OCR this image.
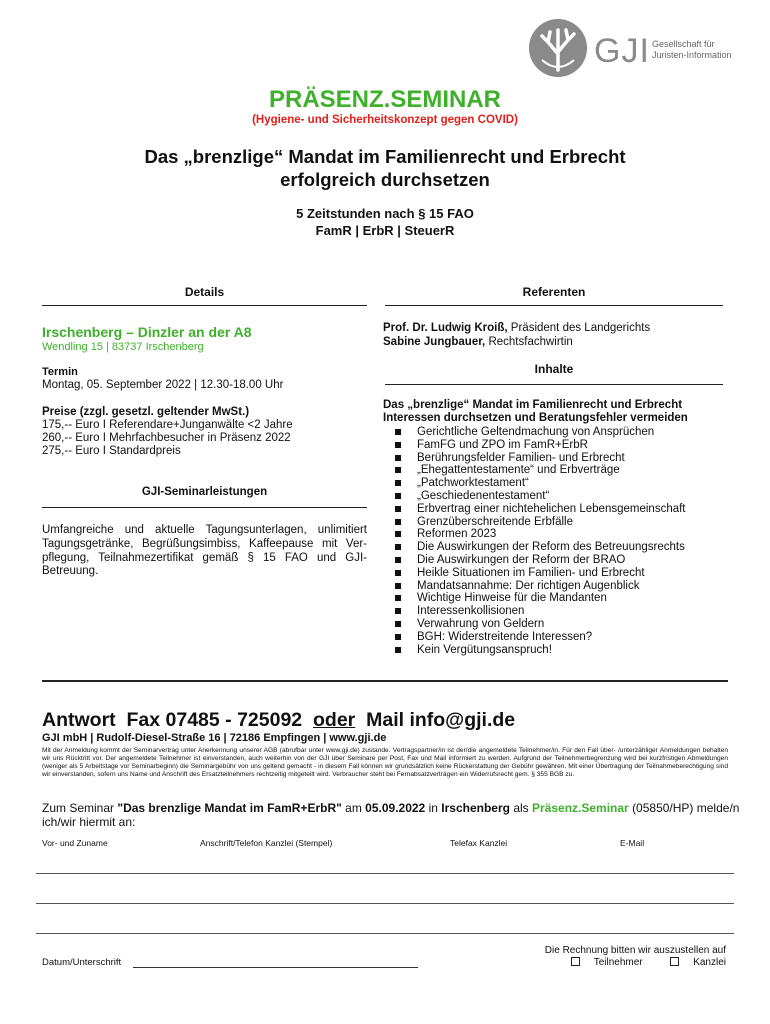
GJI Gesellschaft für
Juristen-Information
PRÄSENZ.SEMINAR
(Hygiene- und Sicherheitskonzept gegen COVID)
Das „brenzlige“ Mandat im Familienrecht und Erbrecht
erfolgreich durchsetzen
5 Zeitstunden nach § 15 FAO
FamR | ErbR | SteuerR
Details
Irschenberg – Dinzler an der A8
Wendling 15 | 83737 Irschenberg
Termin
Montag, 05. September 2022 | 12.30-18.00 Uhr
Preise (zzgl. gesetzl. geltender MwSt.)
175,-- Euro I Referendare+Junganwälte <2 Jahre
260,-- Euro I Mehrfachbesucher in Präsenz 2022
275,-- Euro I Standardpreis
GJI-Seminarleistungen
Umfangreiche und aktuelle Tagungsunterlagen, unlimitiert
Tagungsgetränke, Begrüßungsimbiss, Kaffeepause mit Ver-
pflegung, Teilnahmezertifikat gemäß § 15 FAO und GJI-
Betreuung.
Referenten
Prof. Dr. Ludwig Kroiß, Präsident des Landgerichts
Sabine Jungbauer, Rechtsfachwirtin
Inhalte
Das „brenzlige“ Mandat im Familienrecht und Erbrecht
Interessen durchsetzen und Beratungsfehler vermeiden
Gerichtliche Geltendmachung von Ansprüchen
FamFG und ZPO im FamR+ErbR
Berührungsfelder Familien- und Erbrecht
„Ehegattentestamente“ und Erbverträge
„Patchworktestament“
„Geschiedenentestament“
Erbvertrag einer nichtehelichen Lebensgemeinschaft
Grenzüberschreitende Erbfälle
Reformen 2023
Die Auswirkungen der Reform des Betreuungsrechts
Die Auswirkungen der Reform der BRAO
Heikle Situationen im Familien- und Erbrecht
Mandatsannahme: Der richtigen Augenblick
Wichtige Hinweise für die Mandanten
Interessenkollisionen
Verwahrung von Geldern
BGH: Widerstreitende Interessen?
Kein Vergütungsanspruch!
Antwort Fax 07485 - 725092 oder Mail info@gji.de
GJI mbH | Rudolf-Diesel-Straße 16 | 72186 Empfingen | www.gji.de
Mit der Anmeldung kommt der Seminarvertrag unter Anerkennung unserer AGB (abrufbar unter www.gji.de) zustande. Vertragspartner/in ist der/die angemeldete Teilnehmer/in. Für den Fall über- /unterzähliger Anmeldungen behalten wir uns Rücktritt vor. Der angemeldete Teilnehmer ist einverstanden, auch weiterhin von der GJI über Seminare per Post, Fax und Mail informiert zu werden. Aufgrund der Teilnehmerbegrenzung wird bei kurzfristigen Abmeldungen (weniger als 5 Arbeitstage vor Seminarbeginn) die Seminargebühr von uns geltend gemacht - in diesem Fall können wir grundsätzlich keine Rückerstattung der Gebühr gewähren. Mit einer Übertragung der Teilnahmeberechtigung sind wir einverstanden, sofern uns Name und Anschrift des Ersatzteilnehmers rechtzeitig mitgeteilt wird. Verbraucher steht bei Fernabsatzverträgen ein Widerrufsrecht gem. § 355 BGB zu.
Zum Seminar "Das brenzlige Mandat im FamR+ErbR" am 05.09.2022 in Irschenberg als Präsenz.Seminar (05850/HP) melde/n
ich/wir hiermit an:
Vor- und Zuname	Anschrift/Telefon Kanzlei (Stempel)	Telefax Kanzlei	E-Mail
Datum/Unterschrift
Die Rechnung bitten wir auszustellen auf
Teilnehmer	Kanzlei
